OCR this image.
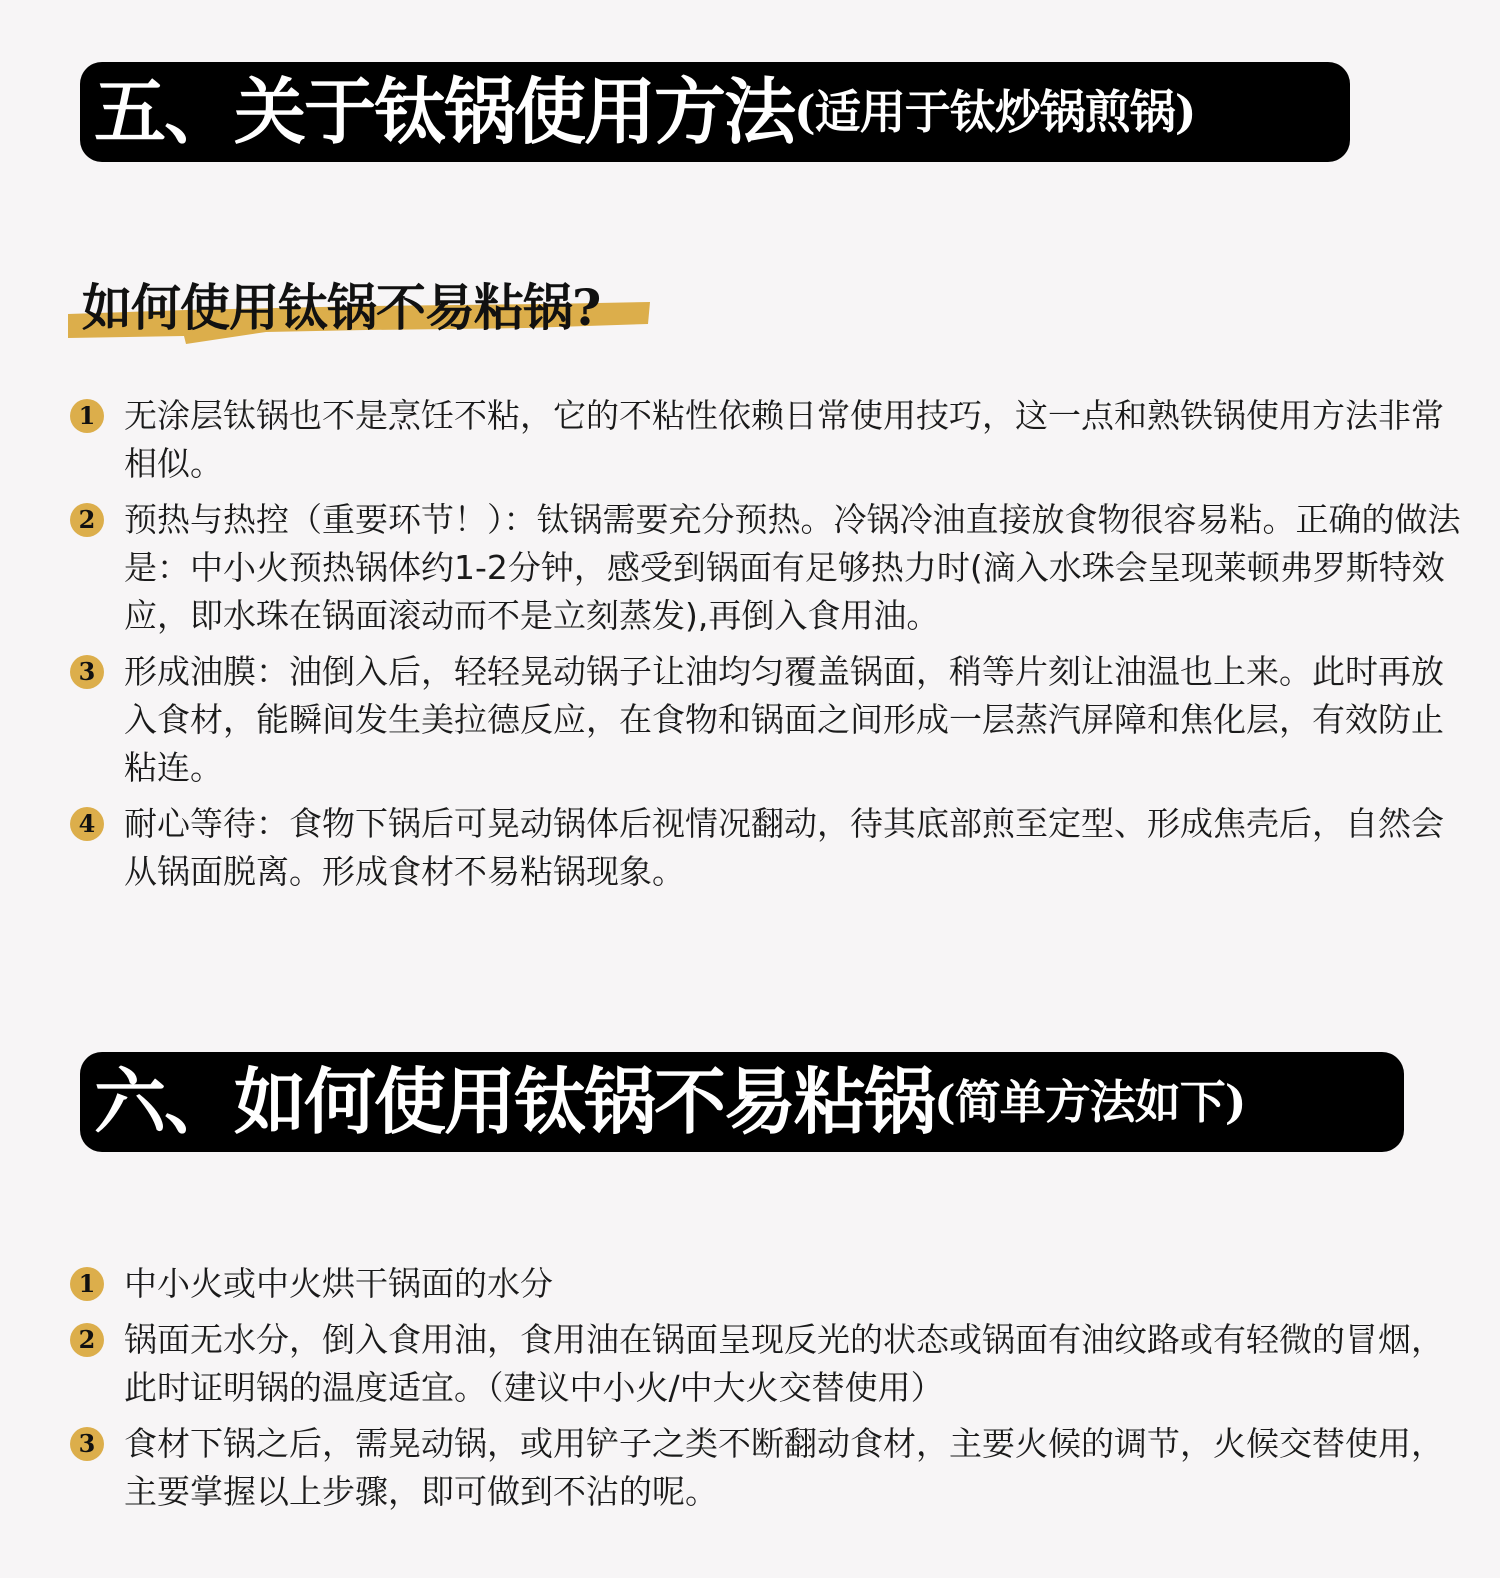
五、关于钛锅使用方法 (适用于钛炒锅煎锅)
如何使用钛锅不易粘锅?
1 无涂层钛锅也不是烹饪不粘，它的不粘性依赖日常使用技巧，这一点和熟铁锅使用方法非常相似。
2 预热与热控（重要环节！）：钛锅需要充分预热。冷锅冷油直接放食物很容易粘。正确的做法是：中小火预热锅体约1-2分钟，感受到锅面有足够热力时(滴入水珠会呈现莱顿弗罗斯特效应，即水珠在锅面滚动而不是立刻蒸发),再倒入食用油。
3 形成油膜：油倒入后，轻轻晃动锅子让油均匀覆盖锅面，稍等片刻让油温也上来。此时再放入食材，能瞬间发生美拉德反应，在食物和锅面之间形成一层蒸汽屏障和焦化层，有效防止粘连。
4 耐心等待：食物下锅后可晃动锅体后视情况翻动，待其底部煎至定型、形成焦壳后，自然会从锅面脱离。形成食材不易粘锅现象。
六、如何使用钛锅不易粘锅 (简单方法如下)
1 中小火或中火烘干锅面的水分
2 锅面无水分，倒入食用油，食用油在锅面呈现反光的状态或锅面有油纹路或有轻微的冒烟，此时证明锅的温度适宜。（建议中小火/中大火交替使用）
3 食材下锅之后，需晃动锅，或用铲子之类不断翻动食材，主要火候的调节，火候交替使用，主要掌握以上步骤，即可做到不沾的呢。
